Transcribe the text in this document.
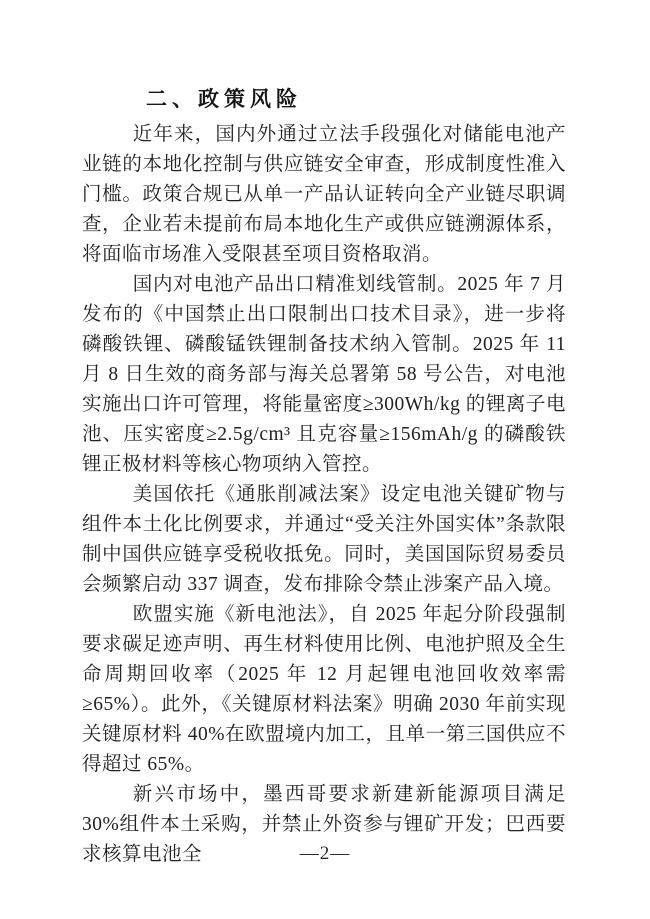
二、政策风险

近年来，国内外通过立法手段强化对储能电池产业链的本地化控制与供应链安全审查，形成制度性准入门槛。政策合规已从单一产品认证转向全产业链尽职调查，企业若未提前布局本地化生产或供应链溯源体系，将面临市场准入受限甚至项目资格取消。

国内对电池产品出口精准划线管制。2025 年 7 月发布的《中国禁止出口限制出口技术目录》，进一步将磷酸铁锂、磷酸锰铁锂制备技术纳入管制。2025 年 11 月 8 日生效的商务部与海关总署第 58 号公告，对电池实施出口许可管理，将能量密度≥300Wh/kg 的锂离子电池、压实密度≥2.5g/cm³ 且克容量≥156mAh/g 的磷酸铁锂正极材料等核心物项纳入管控。

美国依托《通胀削减法案》设定电池关键矿物与组件本土化比例要求，并通过“受关注外国实体”条款限制中国供应链享受税收抵免。同时，美国国际贸易委员会频繁启动 337 调查，发布排除令禁止涉案产品入境。

欧盟实施《新电池法》，自 2025 年起分阶段强制要求碳足迹声明、再生材料使用比例、电池护照及全生命周期回收率（2025 年 12 月起锂电池回收效率需≥65%）。此外，《关键原材料法案》明确 2030 年前实现关键原材料 40%在欧盟境内加工，且单一第三国供应不得超过 65%。

新兴市场中，墨西哥要求新建新能源项目满足 30%组件本土采购，并禁止外资参与锂矿开发；巴西要求核算电池全	—2—
